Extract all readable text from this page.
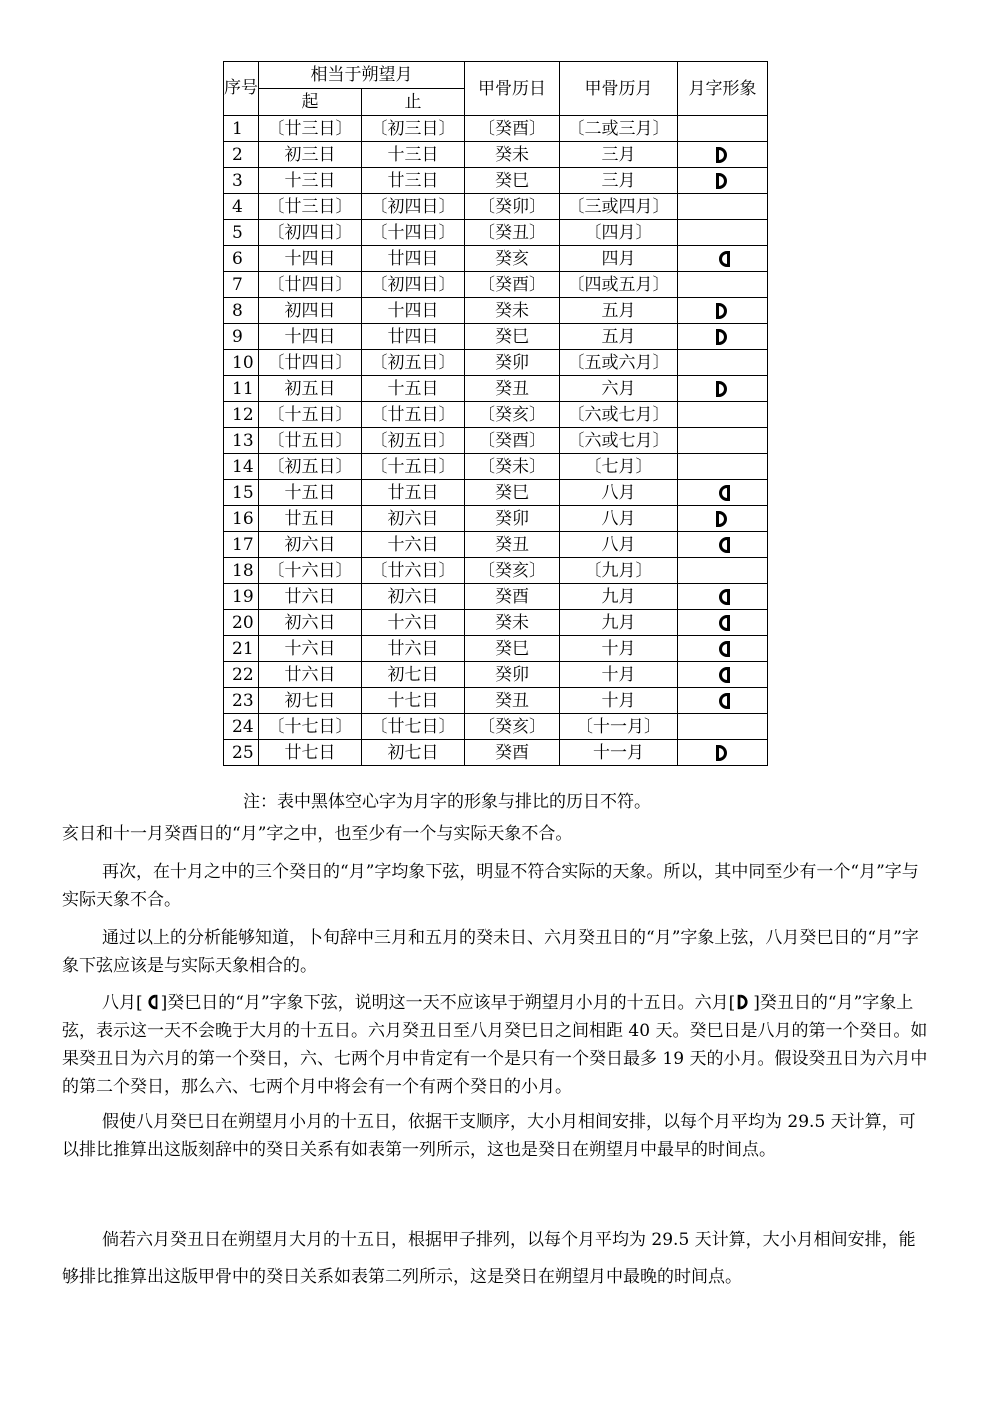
序号	相当于朔望月		甲骨历日	甲骨历月	月字形象
	起	止			
1	〔廿三日〕	〔初三日〕	〔癸酉〕	〔二或三月〕	
2	初三日	十三日	癸未	三月	
3	十三日	廿三日	癸巳	三月	
4	〔廿三日〕	〔初四日〕	〔癸卯〕	〔三或四月〕	
5	〔初四日〕	〔十四日〕	〔癸丑〕	〔四月〕	
6	十四日	廿四日	癸亥	四月	
7	〔廿四日〕	〔初四日〕	〔癸酉〕	〔四或五月〕	
8	初四日	十四日	癸未	五月	
9	十四日	廿四日	癸巳	五月	
10	〔廿四日〕	〔初五日〕	癸卯	〔五或六月〕	
11	初五日	十五日	癸丑	六月	
12	〔十五日〕	〔廿五日〕	〔癸亥〕	〔六或七月〕	
13	〔廿五日〕	〔初五日〕	〔癸酉〕	〔六或七月〕	
14	〔初五日〕	〔十五日〕	〔癸未〕	〔七月〕	
15	十五日	廿五日	癸巳	八月	
16	廿五日	初六日	癸卯	八月	
17	初六日	十六日	癸丑	八月	
18	〔十六日〕	〔廿六日〕	〔癸亥〕	〔九月〕	
19	廿六日	初六日	癸酉	九月	
20	初六日	十六日	癸未	九月	
21	十六日	廿六日	癸巳	十月	
22	廿六日	初七日	癸卯	十月	
23	初七日	十七日	癸丑	十月	
24	〔十七日〕	〔廿七日〕	〔癸亥〕	〔十一月〕	
25	廿七日	初七日	癸酉	十一月	
注：表中黑体空心字为月字的形象与排比的历日不符。

亥日和十一月癸酉日的“月”字之中，也至少有一个与实际天象不合。

再次，在十月之中的三个癸日的“月”字均象下弦，明显不符合实际的天象。所以，其中同至少有一个“月”字与实际天象不合。

通过以上的分析能够知道，卜旬辞中三月和五月的癸未日、六月癸丑日的“月”字象上弦，八月癸巳日的“月”字象下弦应该是与实际天象相合的。

八月[ ]癸巳日的“月”字象下弦，说明这一天不应该早于朔望月小月的十五日。六月[ ]癸丑日的“月”字象上弦，表示这一天不会晚于大月的十五日。六月癸丑日至八月癸巳日之间相距 40 天。癸巳日是八月的第一个癸日。如果癸丑日为六月的第一个癸日，六、七两个月中肯定有一个是只有一个癸日最多 19 天的小月。假设癸丑日为六月中的第二个癸日，那么六、七两个月中将会有一个有两个癸日的小月。

假使八月癸巳日在朔望月小月的十五日，依据干支顺序，大小月相间安排，以每个月平均为 29.5 天计算，可以排比推算出这版刻辞中的癸日关系有如表第一列所示，这也是癸日在朔望月中最早的时间点。

倘若六月癸丑日在朔望月大月的十五日，根据甲子排列，以每个月平均为 29.5 天计算，大小月相间安排，能够排比推算出这版甲骨中的癸日关系如表第二列所示，这是癸日在朔望月中最晚的时间点。
